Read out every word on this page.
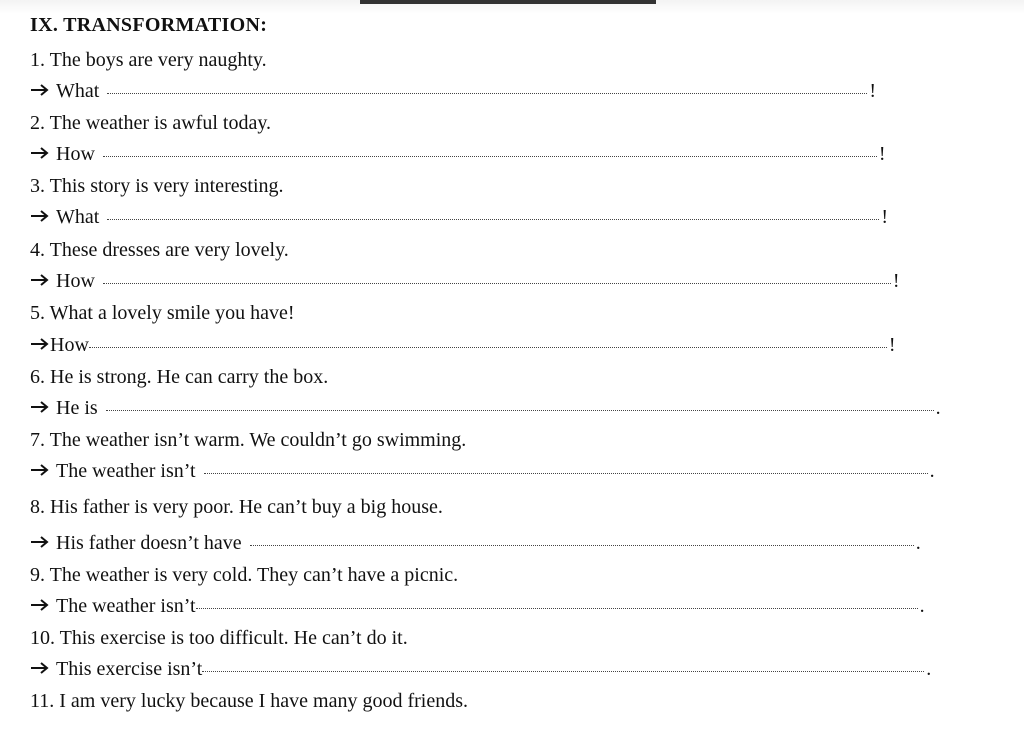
IX. TRANSFORMATION:
1. The boys are very naughty.
What	!
2. The weather is awful today.
How	!
3. This story is very interesting.
What	!
4. These dresses are very lovely.
How	!
5. What a lovely smile you have!
How	!
6. He is strong. He can carry the box.
He is	.
7. The weather isn’t warm. We couldn’t go swimming.
The weather isn’t	.
8. His father is very poor. He can’t buy a big house.
His father doesn’t have	.
9. The weather is very cold. They can’t have a picnic.
The weather isn’t	.
10. This exercise is too difficult. He can’t do it.
This exercise isn’t	.
11. I am very lucky because I have many good friends.
